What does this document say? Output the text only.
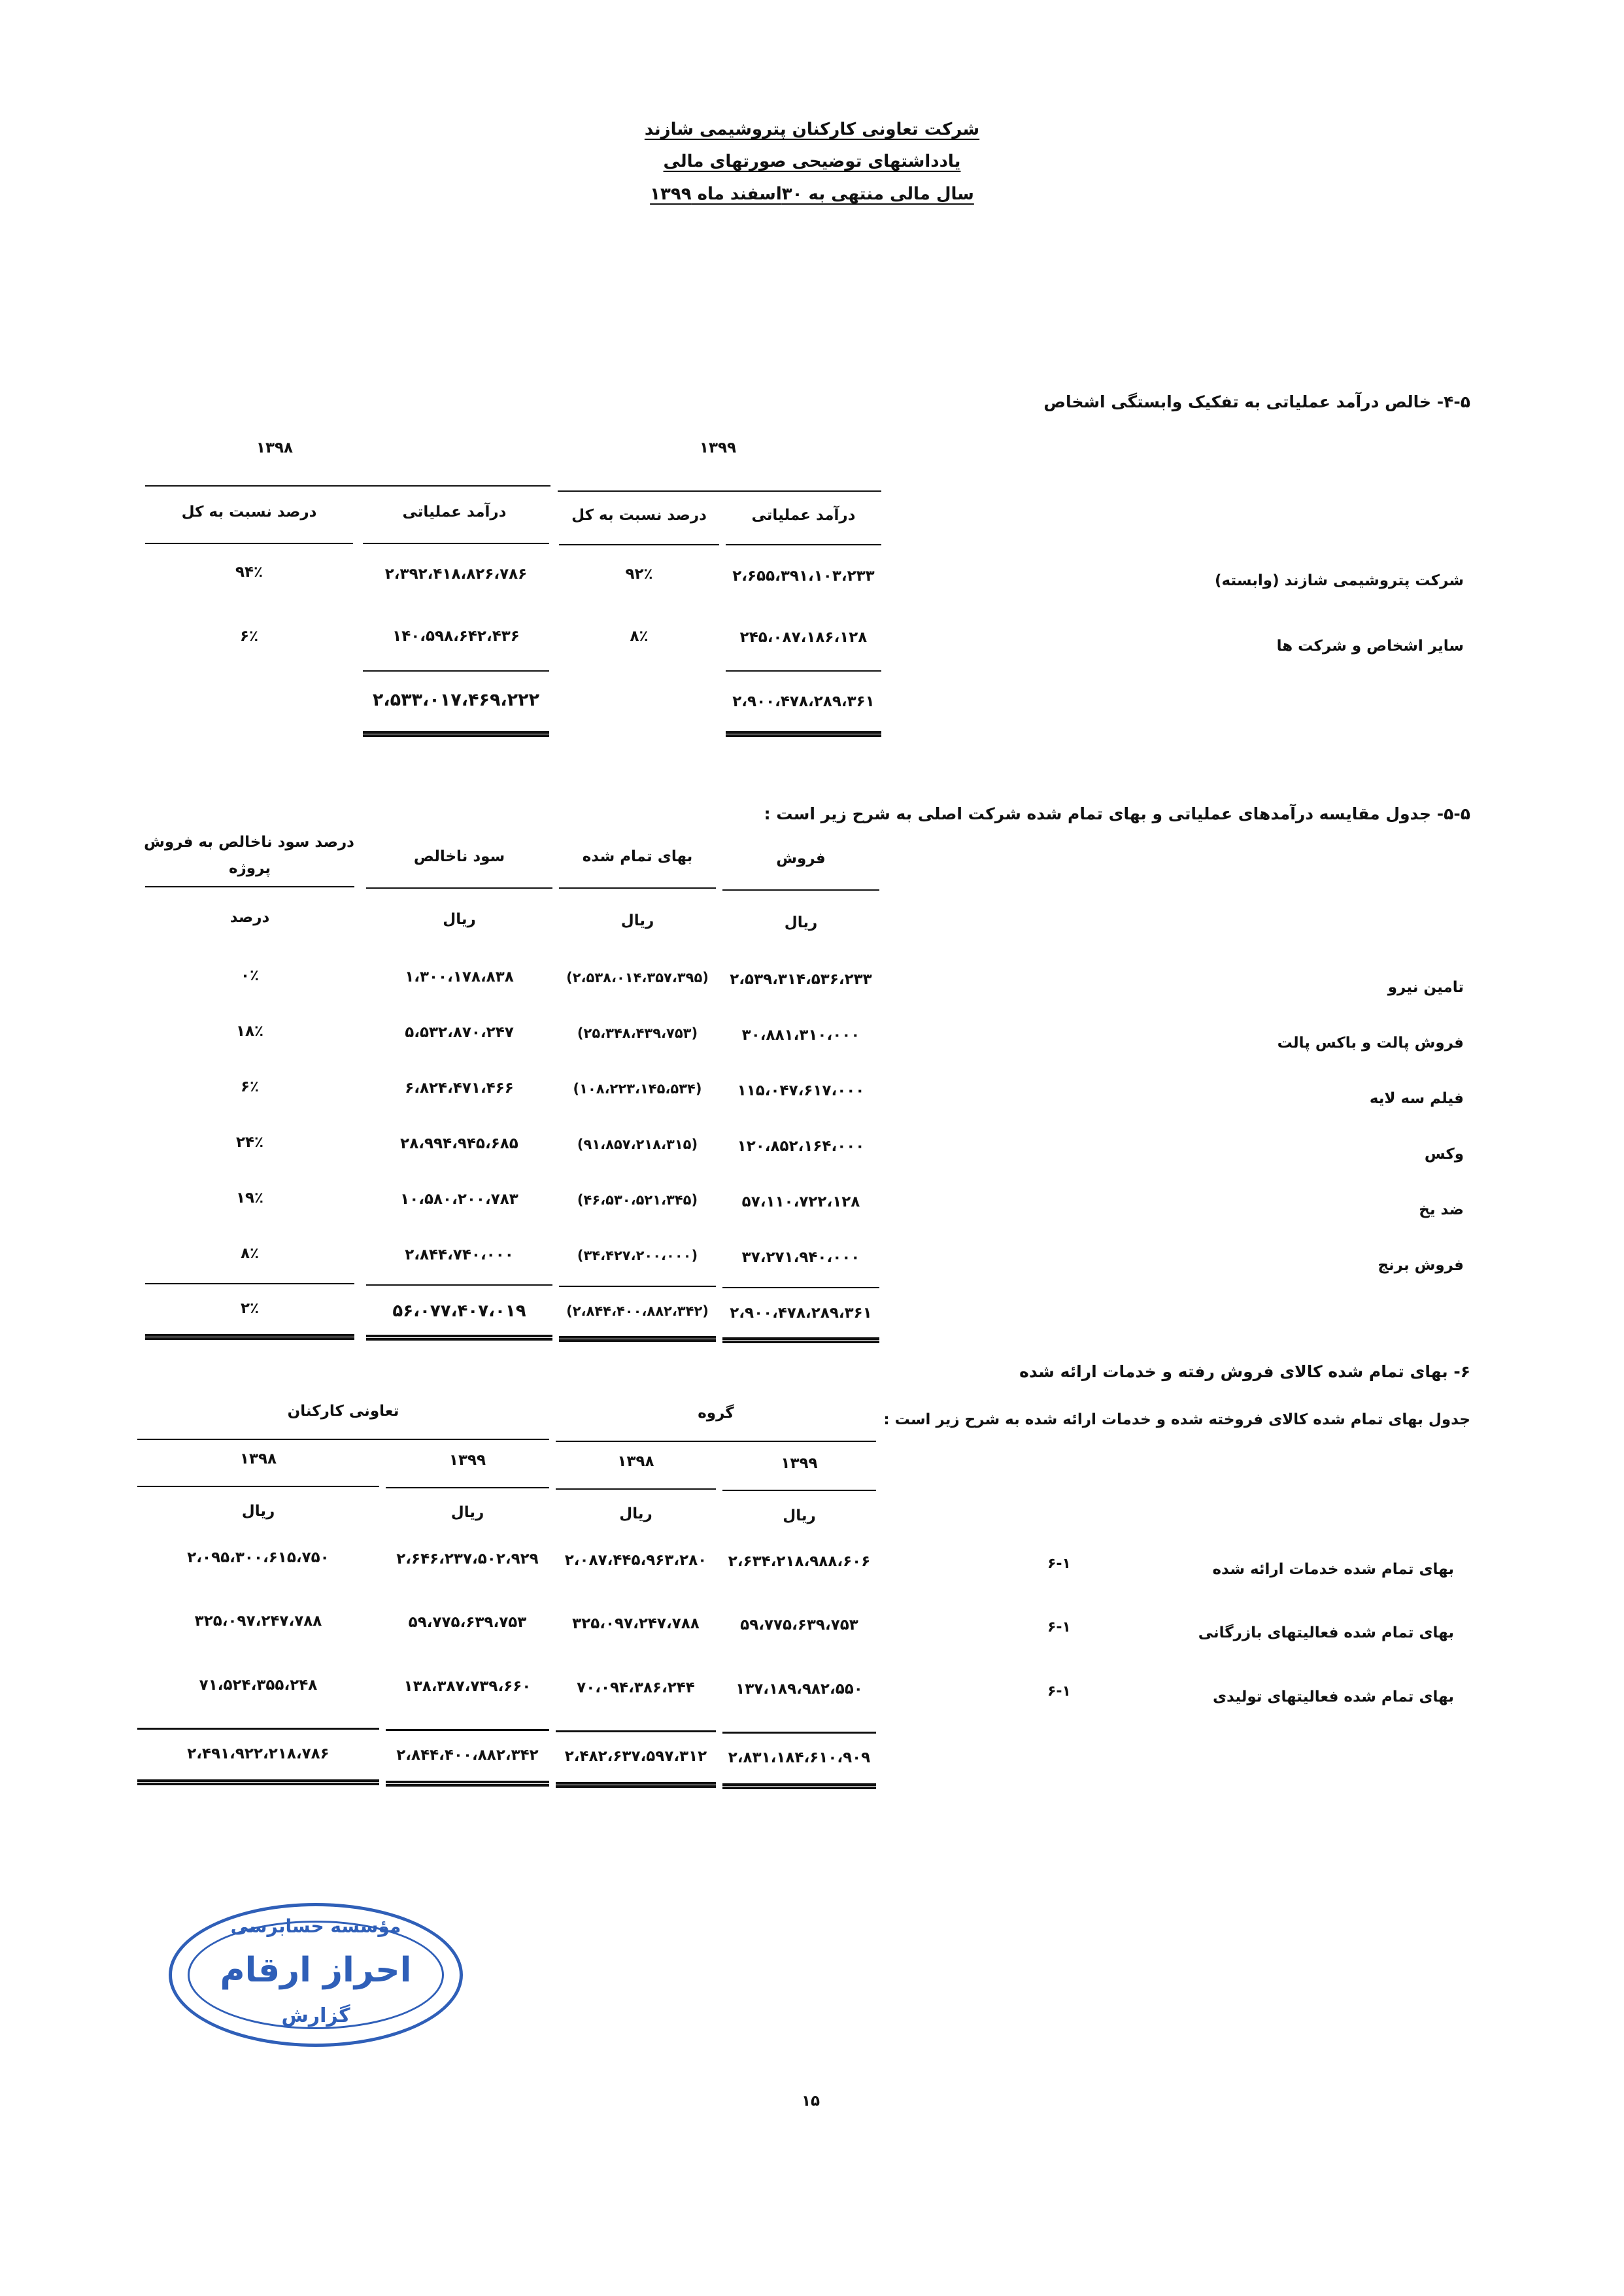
شرکت تعاونی کارکنان پتروشیمی شازند
یادداشتهای توضیحی صورتهای مالی
سال مالی منتهی به ۳۰اسفند ماه ۱۳۹۹
۴-۵- خالص درآمد عملیاتی به تفکیک وابستگی اشخاص
۱۳۹۹
۱۳۹۸
درآمد عملیاتی
درصد نسبت به کل
درآمد عملیاتی
درصد نسبت به کل
شرکت پتروشیمی شازند (وابسته)
۲،۶۵۵،۳۹۱،۱۰۳،۲۳۳
۹۲٪
۲،۳۹۲،۴۱۸،۸۲۶،۷۸۶
۹۴٪
سایر اشخاص و شرکت ها
۲۴۵،۰۸۷،۱۸۶،۱۲۸
۸٪
۱۴۰،۵۹۸،۶۴۲،۴۳۶
۶٪
۲،۹۰۰،۴۷۸،۲۸۹،۳۶۱
۲،۵۳۳،۰۱۷،۴۶۹،۲۲۲
۵-۵- جدول مقایسه درآمدهای عملیاتی و بهای تمام شده شرکت اصلی به شرح زیر است :
فروش
بهای تمام شده
سود ناخالص
درصد سود ناخالص به فروش
پروژه
ریال
ریال
ریال
درصد
تامین نیرو
۲،۵۳۹،۳۱۴،۵۳۶،۲۳۳
(۲،۵۳۸،۰۱۴،۳۵۷،۳۹۵)
۱،۳۰۰،۱۷۸،۸۳۸
۰٪
فروش پالت و باکس پالت
۳۰،۸۸۱،۳۱۰،۰۰۰
(۲۵،۳۴۸،۴۳۹،۷۵۳)
۵،۵۳۲،۸۷۰،۲۴۷
۱۸٪
فیلم سه لایه
۱۱۵،۰۴۷،۶۱۷،۰۰۰
(۱۰۸،۲۲۳،۱۴۵،۵۳۴)
۶،۸۲۴،۴۷۱،۴۶۶
۶٪
وکس
۱۲۰،۸۵۲،۱۶۴،۰۰۰
(۹۱،۸۵۷،۲۱۸،۳۱۵)
۲۸،۹۹۴،۹۴۵،۶۸۵
۲۴٪
ضد یخ
۵۷،۱۱۰،۷۲۲،۱۲۸
(۴۶،۵۳۰،۵۲۱،۳۴۵)
۱۰،۵۸۰،۲۰۰،۷۸۳
۱۹٪
فروش برنج
۳۷،۲۷۱،۹۴۰،۰۰۰
(۳۴،۴۲۷،۲۰۰،۰۰۰)
۲،۸۴۴،۷۴۰،۰۰۰
۸٪
۲،۹۰۰،۴۷۸،۲۸۹،۳۶۱
(۲،۸۴۴،۴۰۰،۸۸۲،۳۴۲)
۵۶،۰۷۷،۴۰۷،۰۱۹
۲٪
۶- بهای تمام شده کالای فروش رفته و خدمات ارائه شده
جدول بهای تمام شده کالای فروخته شده و خدمات ارائه شده به شرح زیر است :
گروه
تعاونی کارکنان
۱۳۹۹
۱۳۹۸
۱۳۹۹
۱۳۹۸
ریال
ریال
ریال
ریال
بهای تمام شده خدمات ارائه شده
۶-۱
۲،۶۳۴،۲۱۸،۹۸۸،۶۰۶
۲،۰۸۷،۴۴۵،۹۶۳،۲۸۰
۲،۶۴۶،۲۳۷،۵۰۲،۹۲۹
۲،۰۹۵،۳۰۰،۶۱۵،۷۵۰
بهای تمام شده فعالیتهای بازرگانی
۶-۱
۵۹،۷۷۵،۶۳۹،۷۵۳
۳۲۵،۰۹۷،۲۴۷،۷۸۸
۵۹،۷۷۵،۶۳۹،۷۵۳
۳۲۵،۰۹۷،۲۴۷،۷۸۸
بهای تمام شده فعالیتهای تولیدی
۶-۱
۱۳۷،۱۸۹،۹۸۲،۵۵۰
۷۰،۰۹۴،۳۸۶،۲۴۴
۱۳۸،۳۸۷،۷۳۹،۶۶۰
۷۱،۵۲۴،۳۵۵،۲۴۸
۲،۸۳۱،۱۸۴،۶۱۰،۹۰۹
۲،۴۸۲،۶۳۷،۵۹۷،۳۱۲
۲،۸۴۴،۴۰۰،۸۸۲،۳۴۲
۲،۴۹۱،۹۲۲،۲۱۸،۷۸۶
مؤسسه حسابرسی
احراز ارقام
گزارش
۱۵
